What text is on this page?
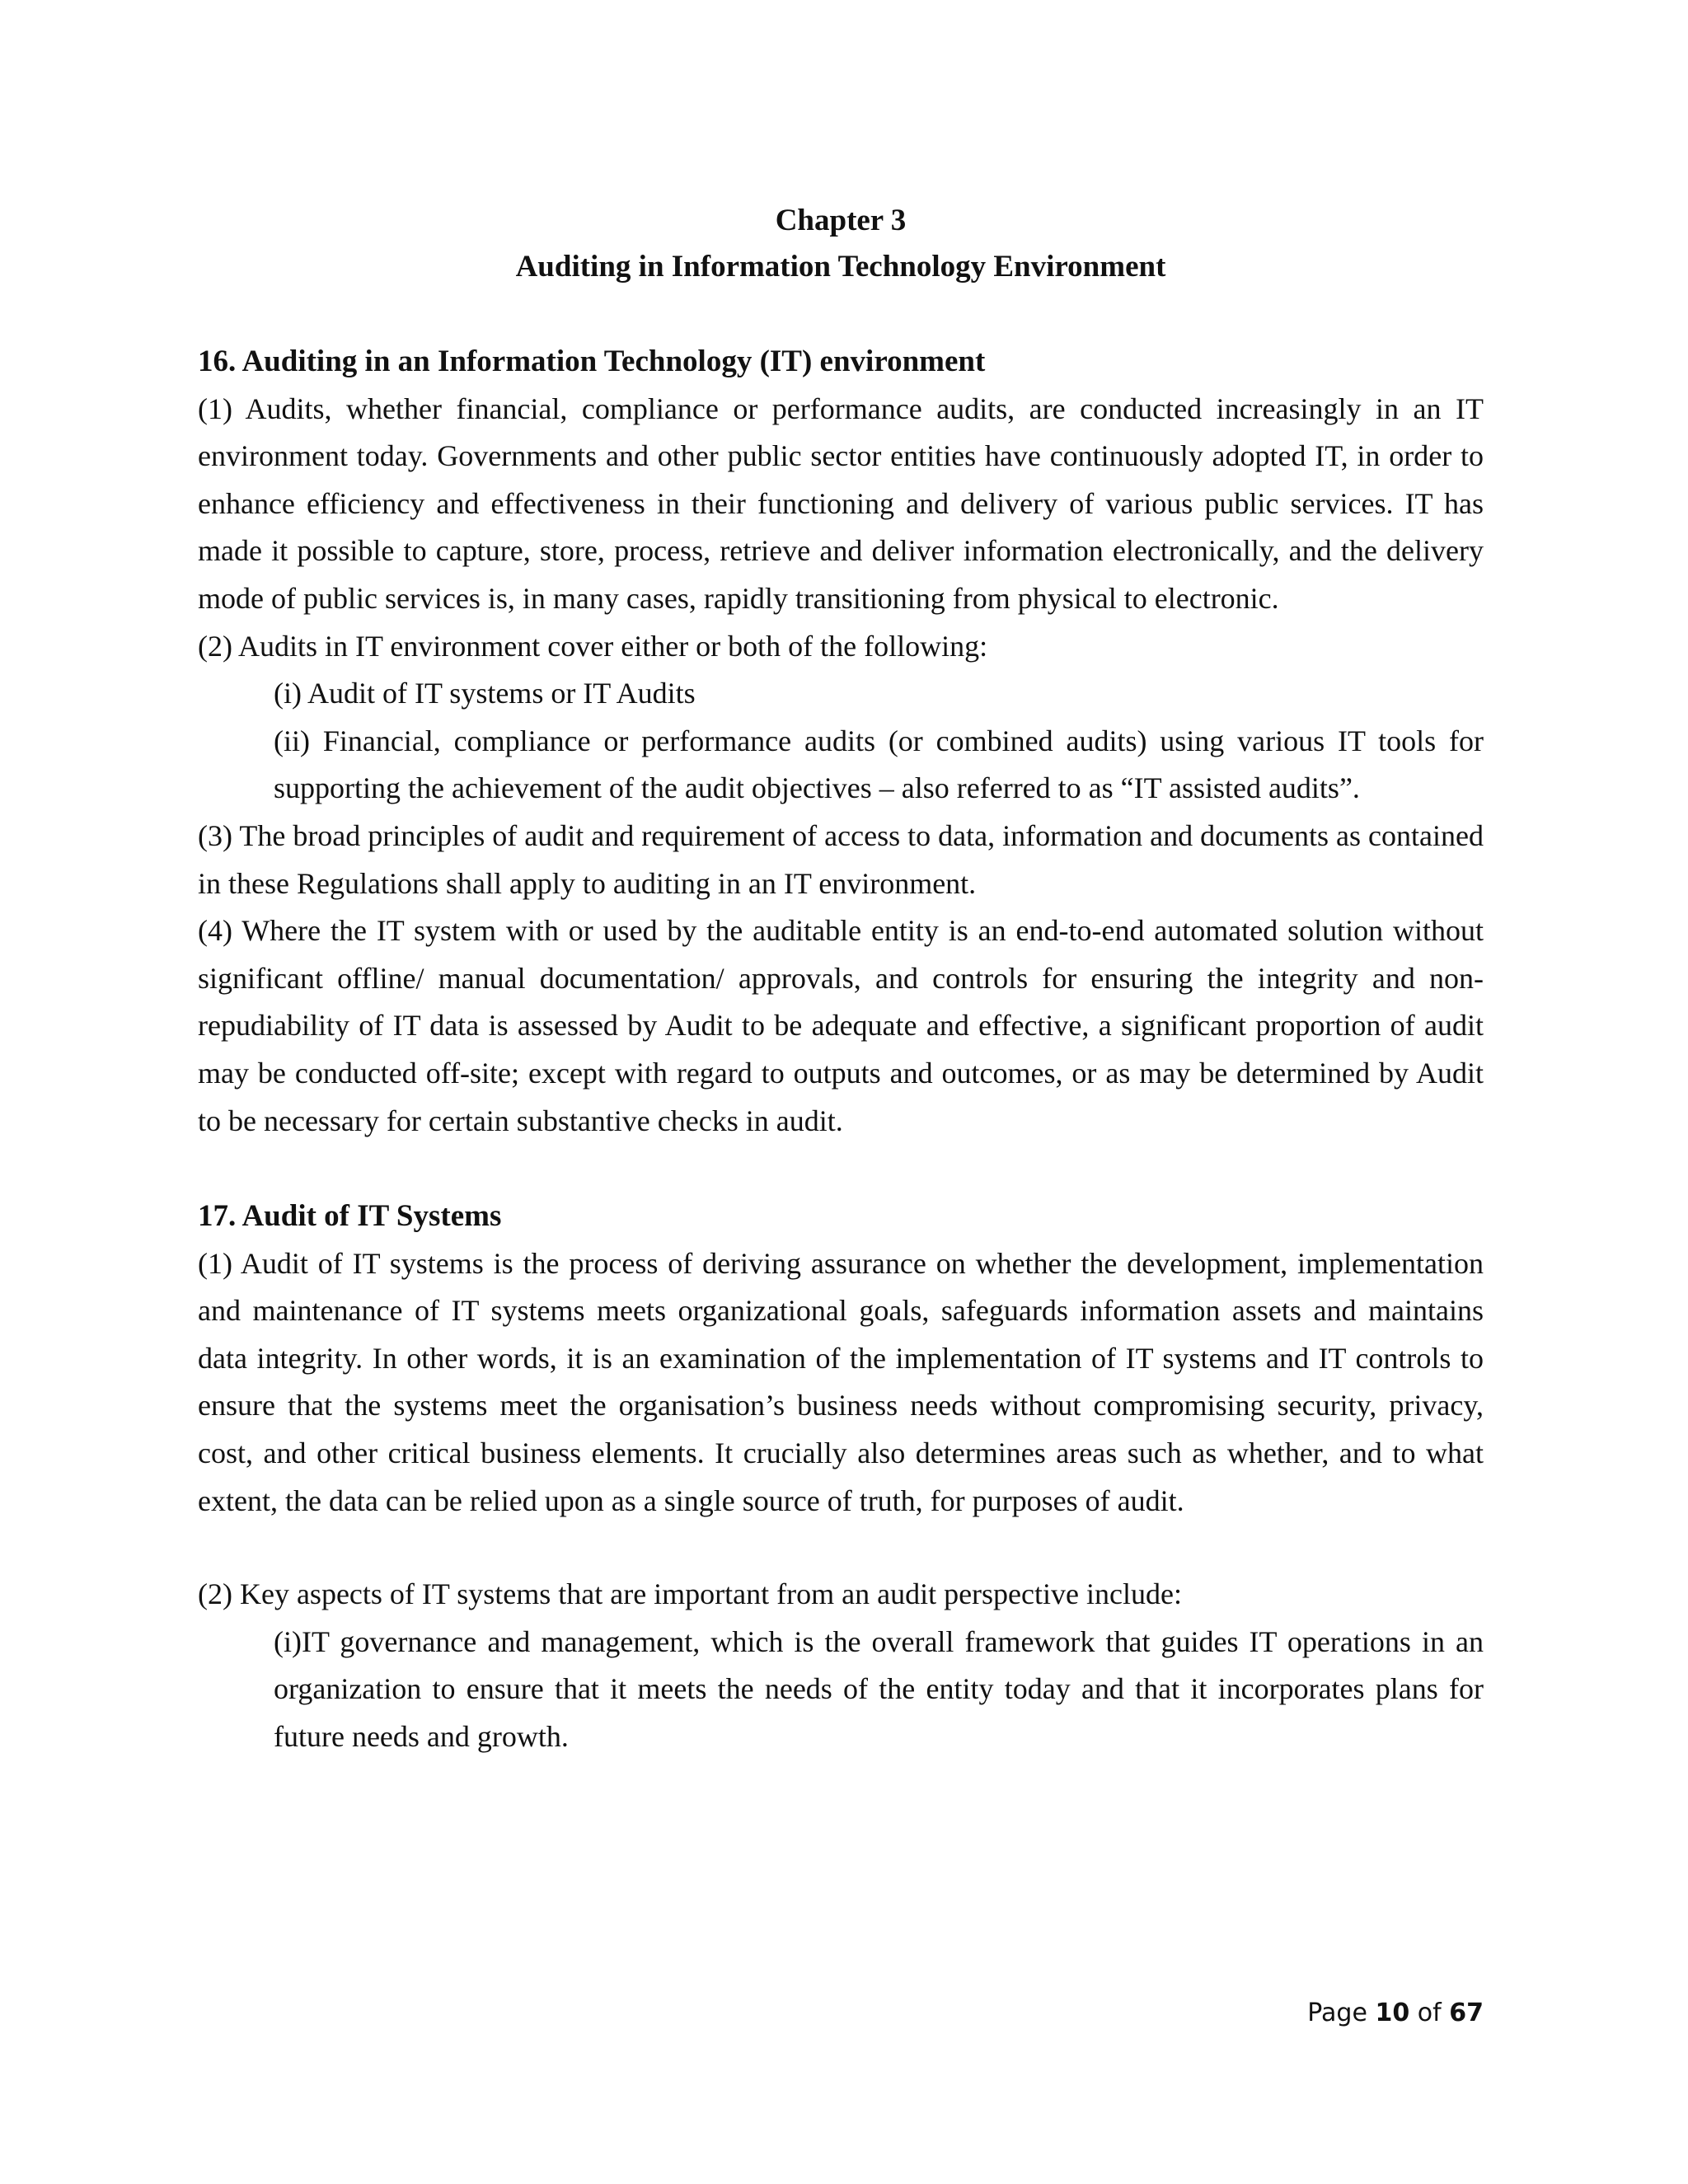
Chapter 3

Auditing in Information Technology Environment

16. Auditing in an Information Technology (IT) environment

(1) Audits, whether financial, compliance or performance audits, are conducted increasingly in an IT environment today. Governments and other public sector entities have continuously adopted IT, in order to enhance efficiency and effectiveness in their functioning and delivery of various public services. IT has made it possible to capture, store, process, retrieve and deliver information electronically, and the delivery mode of public services is, in many cases, rapidly transitioning from physical to electronic.

(2) Audits in IT environment cover either or both of the following:

(i) Audit of IT systems or IT Audits

(ii) Financial, compliance or performance audits (or combined audits) using various IT tools for supporting the achievement of the audit objectives – also referred to as “IT assisted audits”.

(3) The broad principles of audit and requirement of access to data, information and documents as contained in these Regulations shall apply to auditing in an IT environment.

(4) Where the IT system with or used by the auditable entity is an end-to-end automated solution without significant offline/ manual documentation/ approvals, and controls for ensuring the integrity and non-repudiability of IT data is assessed by Audit to be adequate and effective, a significant proportion of audit may be conducted off-site; except with regard to outputs and outcomes, or as may be determined by Audit to be necessary for certain substantive checks in audit.

17. Audit of IT Systems

(1) Audit of IT systems is the process of deriving assurance on whether the development, implementation and maintenance of IT systems meets organizational goals, safeguards information assets and maintains data integrity. In other words, it is an examination of the implementation of IT systems and IT controls to ensure that the systems meet the organisation’s business needs without compromising security, privacy, cost, and other critical business elements. It crucially also determines areas such as whether, and to what extent, the data can be relied upon as a single source of truth, for purposes of audit.

(2) Key aspects of IT systems that are important from an audit perspective include:

(i)IT governance and management, which is the overall framework that guides IT operations in an organization to ensure that it meets the needs of the entity today and that it incorporates plans for future needs and growth.

Page 10 of 67
